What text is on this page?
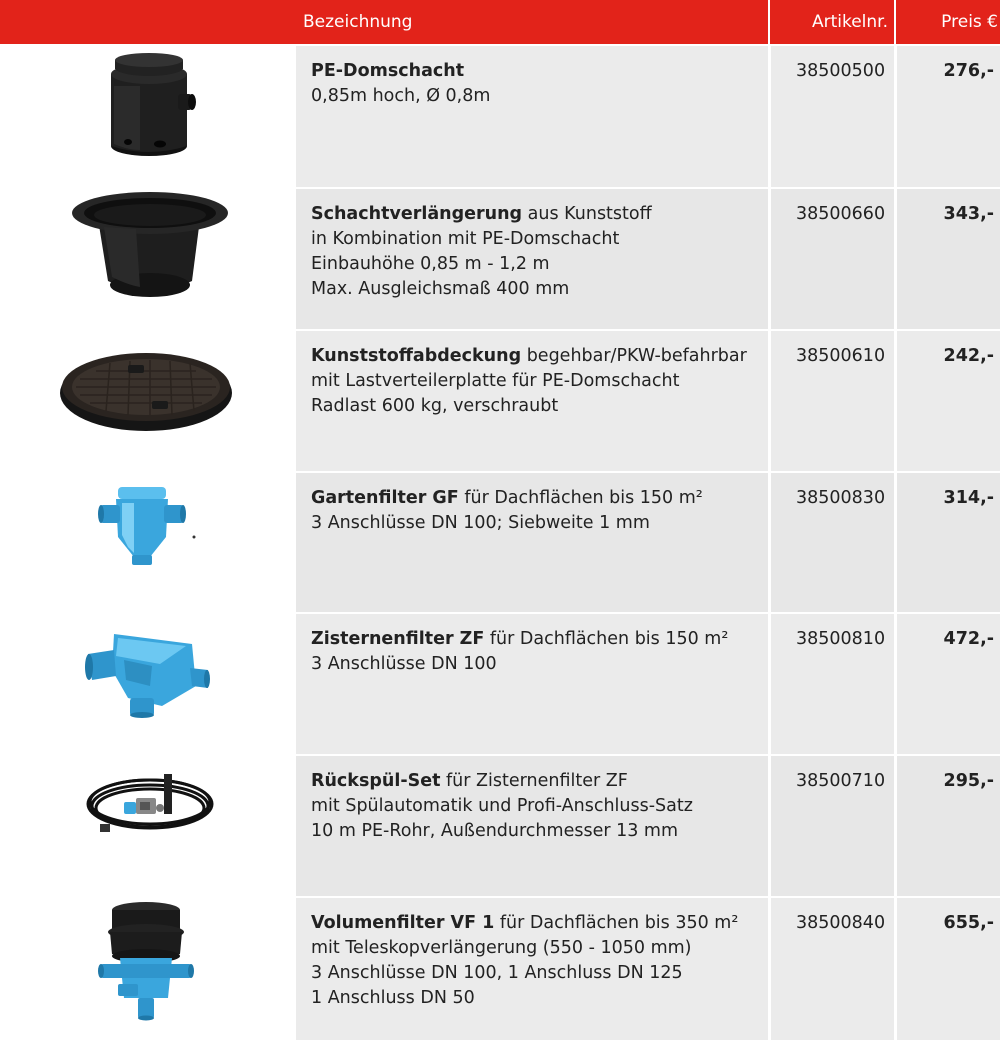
Bezeichnung	Artikelnr.	Preis €
PE-Domschacht
0,85m hoch, Ø 0,8m
38500500	276,-
Schachtverlängerung aus Kunststoff
in Kombination mit PE-Domschacht
Einbauhöhe 0,85 m - 1,2 m
Max. Ausgleichsmaß 400 mm
38500660	343,-
Kunststoffabdeckung begehbar/PKW-befahrbar
mit Lastverteilerplatte für PE-Domschacht
Radlast 600 kg, verschraubt
38500610	242,-
Gartenfilter GF für Dachflächen bis 150 m²
3 Anschlüsse DN 100; Siebweite 1 mm
38500830	314,-
Zisternenfilter ZF für Dachflächen bis 150 m²
3 Anschlüsse DN 100
38500810	472,-
Rückspül-Set für Zisternenfilter ZF
mit Spülautomatik und Profi-Anschluss-Satz
10 m PE-Rohr, Außendurchmesser 13 mm
38500710	295,-
Volumenfilter VF 1 für Dachflächen bis 350 m²
mit Teleskopverlängerung (550 - 1050 mm)
3 Anschlüsse DN 100, 1 Anschluss DN 125
1 Anschluss DN 50
38500840	655,-
